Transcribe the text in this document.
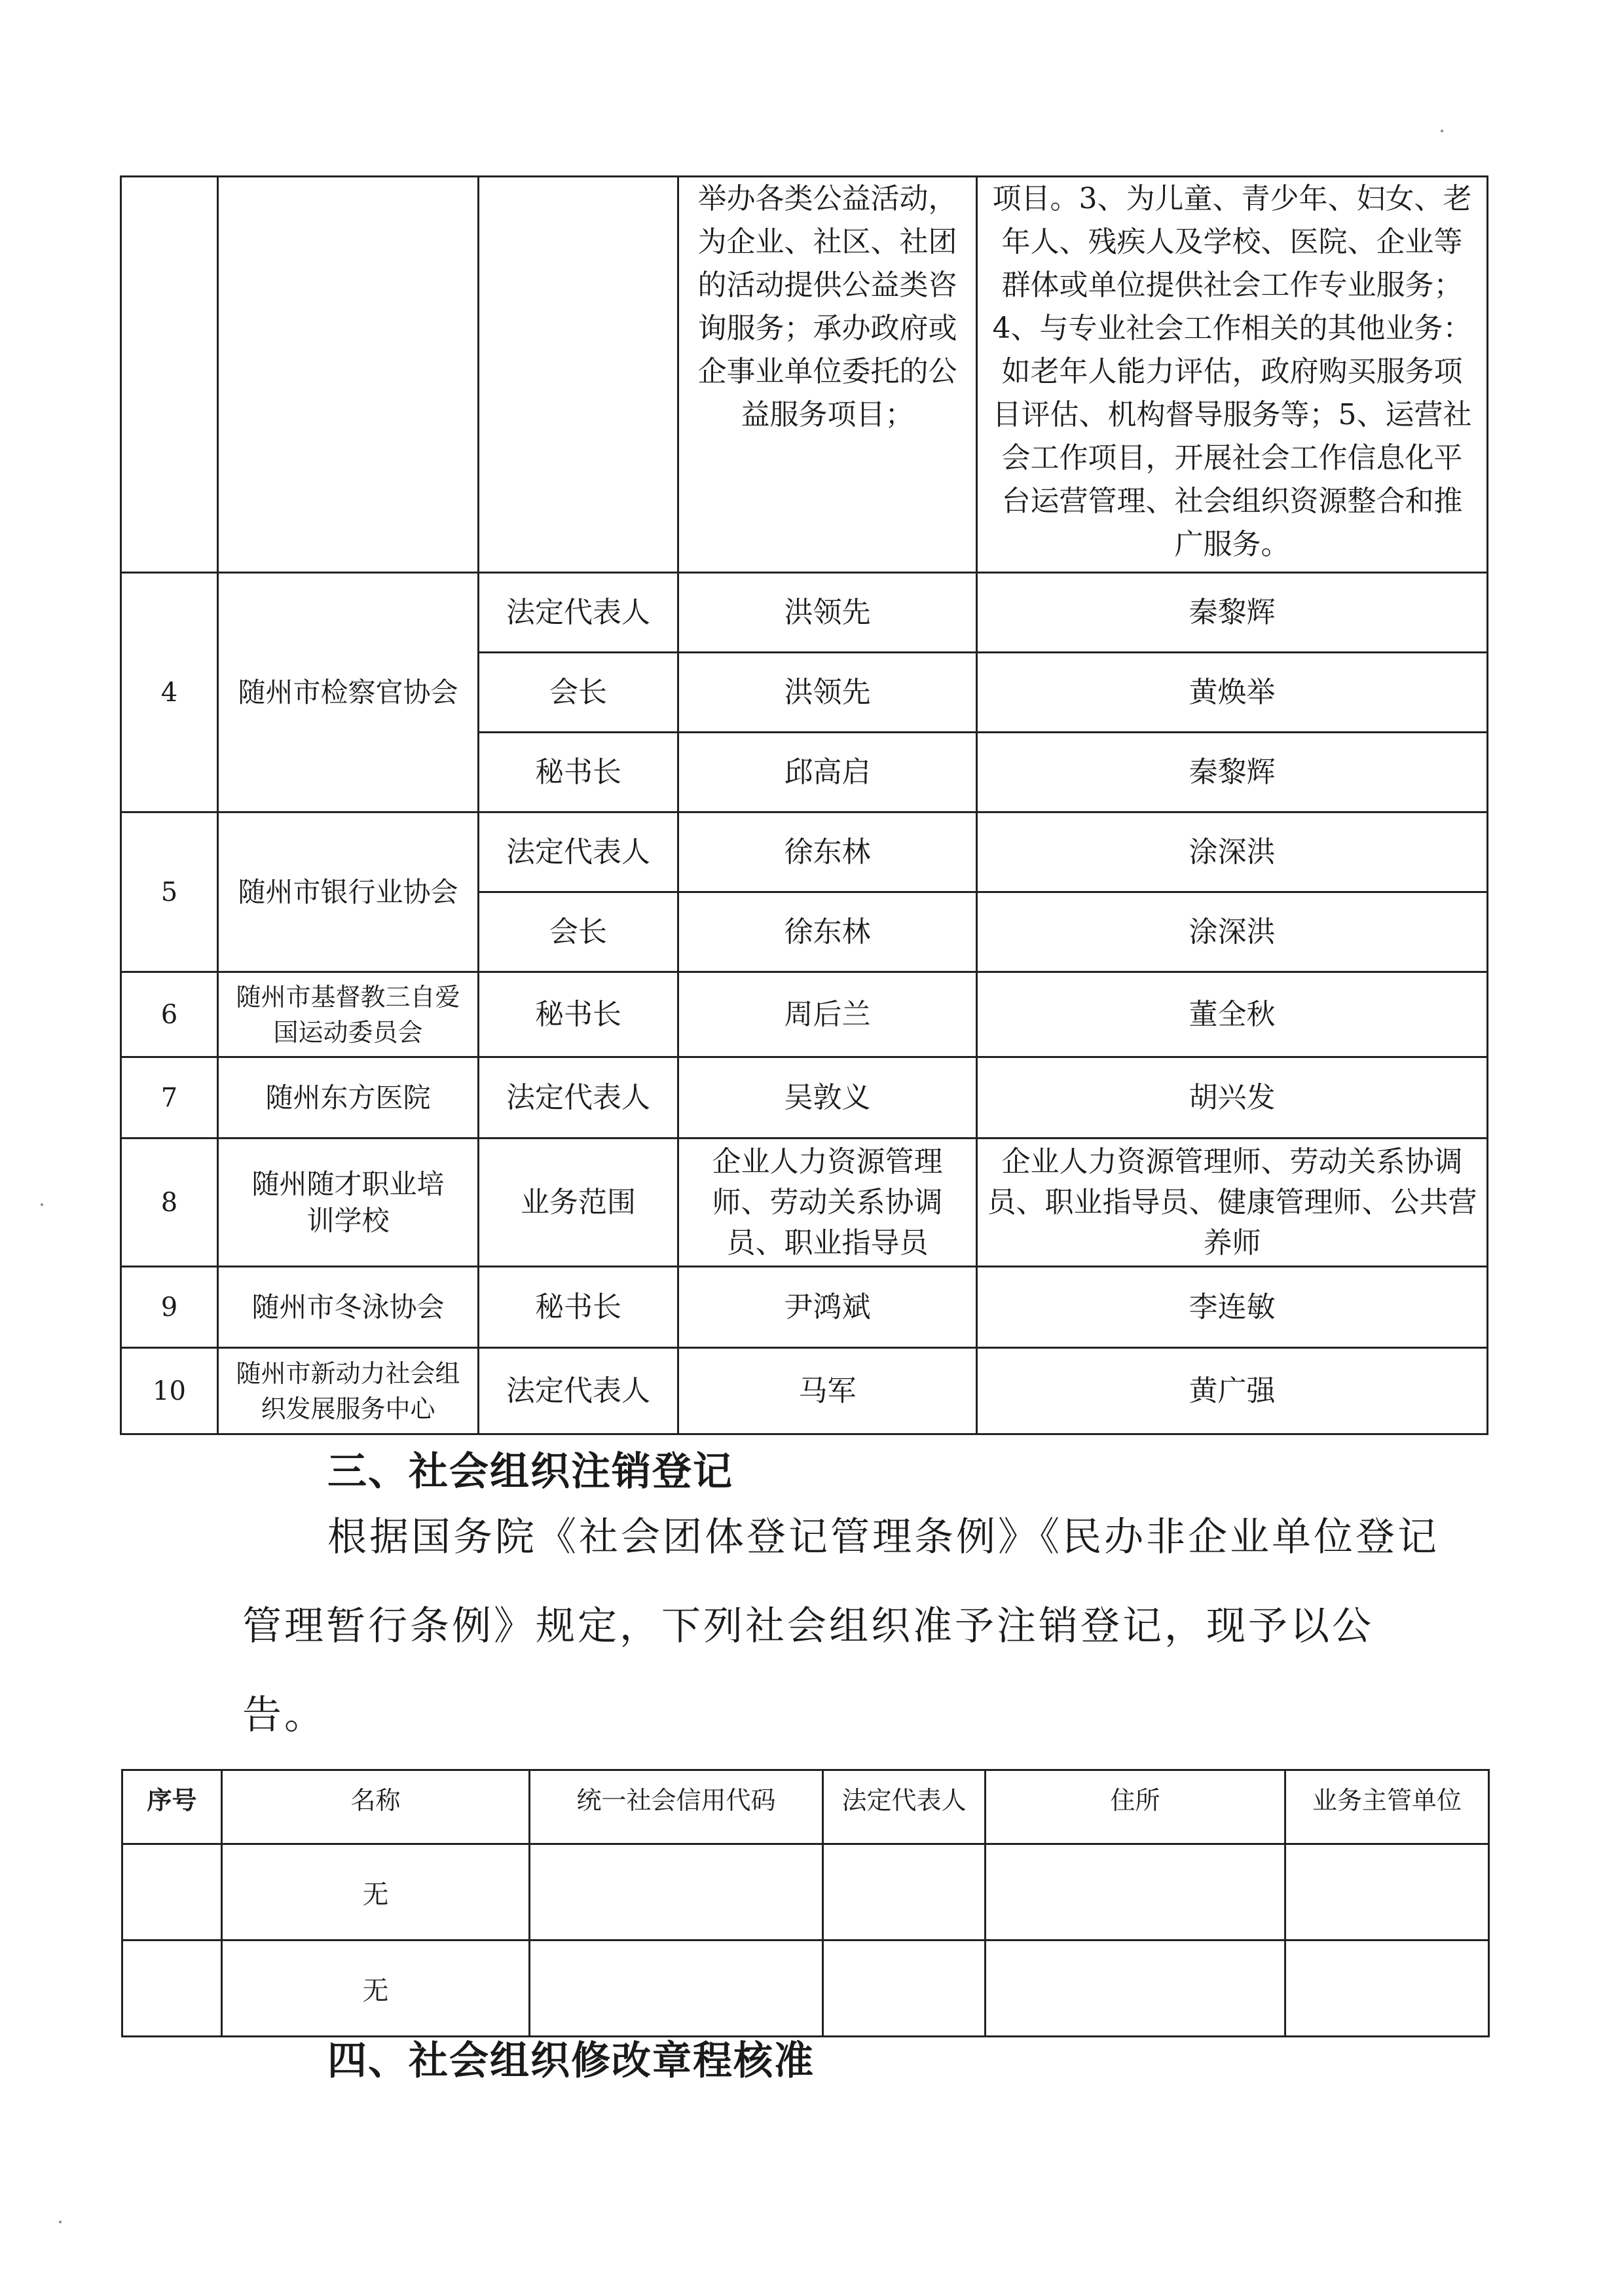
			举办各类公益活动，为企业、社区、社团的活动提供公益类咨询服务；承办政府或企事业单位委托的公益服务项目；	项目。3、为儿童、青少年、妇女、老年人、残疾人及学校、医院、企业等群体或单位提供社会工作专业服务；4、与专业社会工作相关的其他业务：如老年人能力评估，政府购买服务项目评估、机构督导服务等；5、运营社会工作项目，开展社会工作信息化平台运营管理、社会组织资源整合和推广服务。
4	随州市检察官协会	法定代表人	洪领先	秦黎辉
		会长	洪领先	黄焕举
		秘书长	邱高启	秦黎辉
5	随州市银行业协会	法定代表人	徐东林	涂深洪
		会长	徐东林	涂深洪
6	随州市基督教三自爱国运动委员会	秘书长	周后兰	董全秋
7	随州东方医院	法定代表人	吴敦义	胡兴发
8	随州随才职业培训学校	业务范围	企业人力资源管理师、劳动关系协调员、职业指导员	企业人力资源管理师、劳动关系协调员、职业指导员、健康管理师、公共营养师
9	随州市冬泳协会	秘书长	尹鸿斌	李连敏
10	随州市新动力社会组织发展服务中心	法定代表人	马军	黄广强
三、社会组织注销登记

根据国务院《社会团体登记管理条例》《民办非企业单位登记管理暂行条例》规定，下列社会组织准予注销登记，现予以公告。

序号	名称	统一社会信用代码	法定代表人	住所	业务主管单位
	无				
	无				
四、社会组织修改章程核准
